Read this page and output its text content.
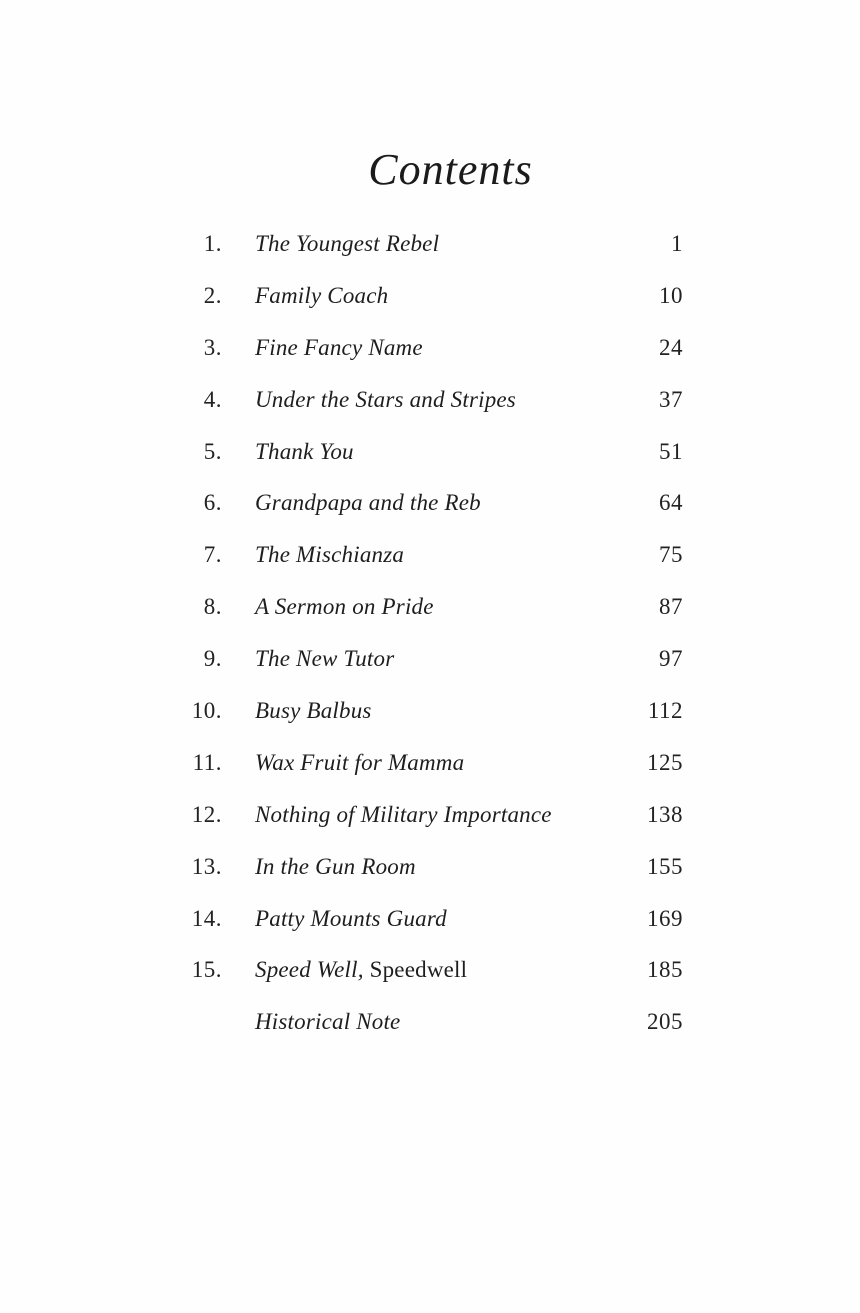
Contents
1. The Youngest Rebel	1
2. Family Coach	10
3. Fine Fancy Name	24
4. Under the Stars and Stripes	37
5. Thank You	51
6. Grandpapa and the Reb	64
7. The Mischianza	75
8. A Sermon on Pride	87
9. The New Tutor	97
10. Busy Balbus	112
11. Wax Fruit for Mamma	125
12. Nothing of Military Importance	138
13. In the Gun Room	155
14. Patty Mounts Guard	169
15. Speed Well, Speedwell	185
Historical Note	205
